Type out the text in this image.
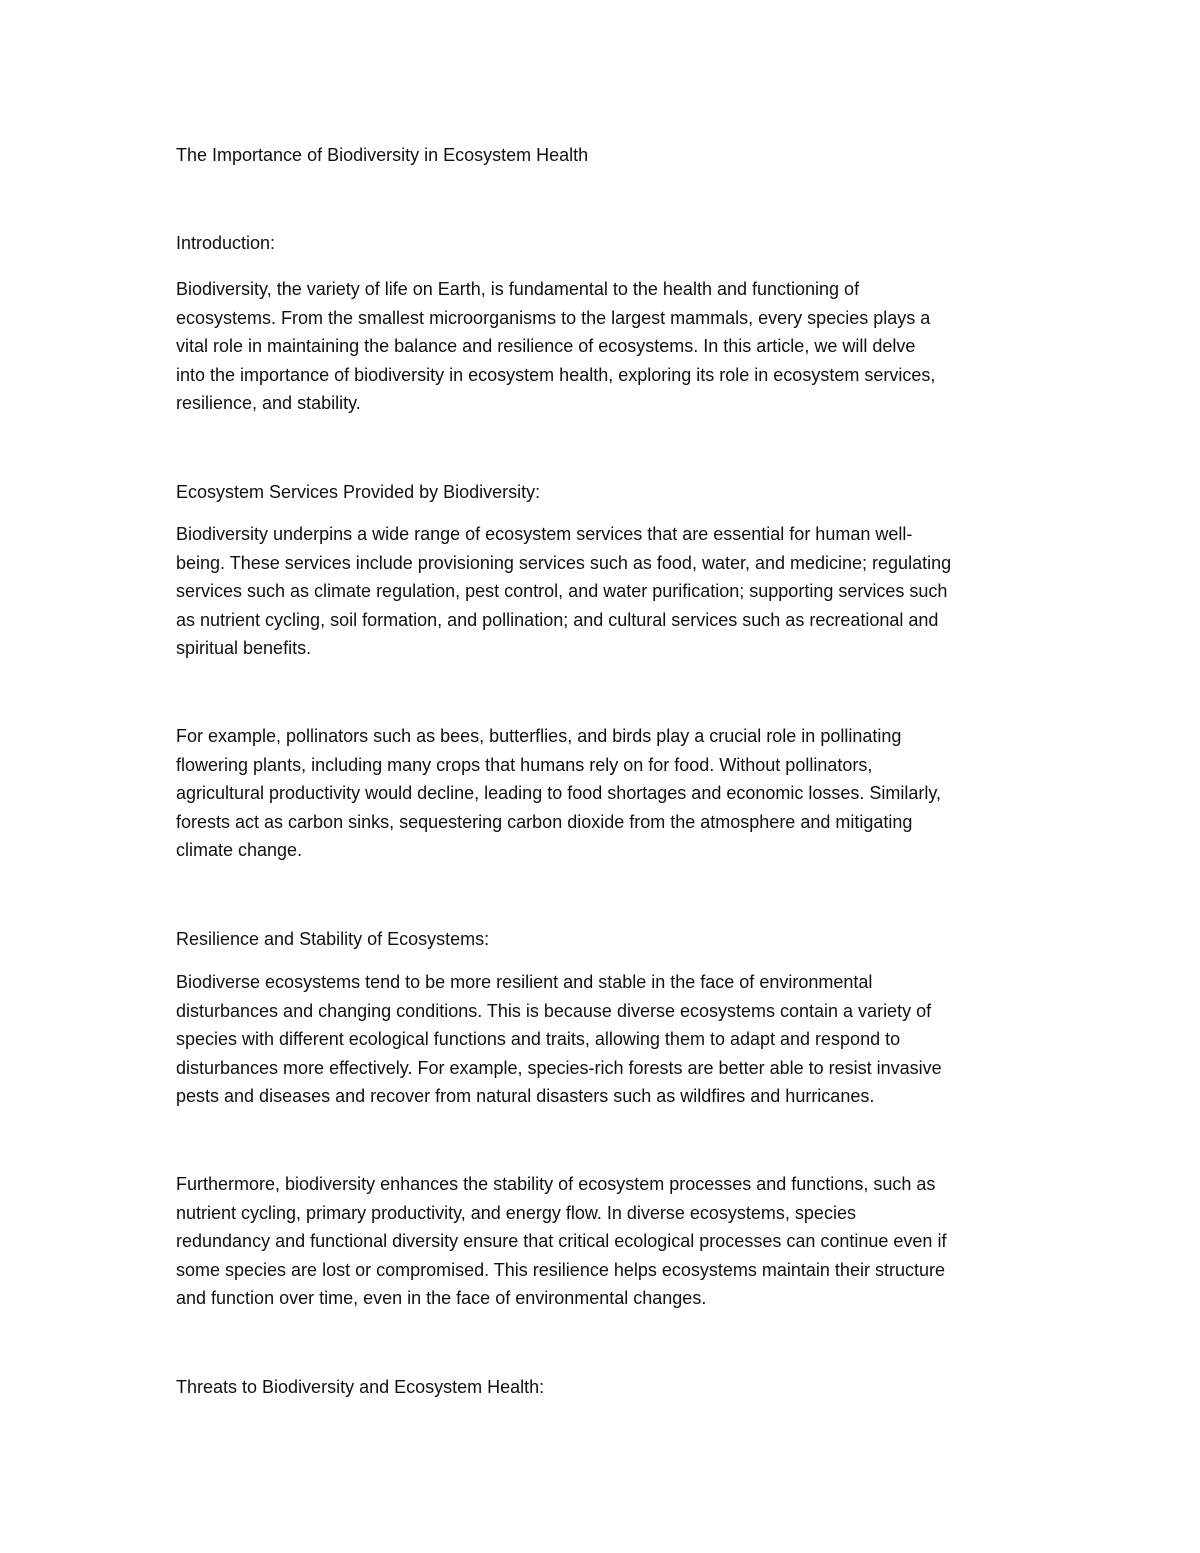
The Importance of Biodiversity in Ecosystem Health

Introduction:

Biodiversity, the variety of life on Earth, is fundamental to the health and functioning of

ecosystems. From the smallest microorganisms to the largest mammals, every species plays a

vital role in maintaining the balance and resilience of ecosystems. In this article, we will delve

into the importance of biodiversity in ecosystem health, exploring its role in ecosystem services,

resilience, and stability.

Ecosystem Services Provided by Biodiversity:

Biodiversity underpins a wide range of ecosystem services that are essential for human well-

being. These services include provisioning services such as food, water, and medicine; regulating

services such as climate regulation, pest control, and water purification; supporting services such

as nutrient cycling, soil formation, and pollination; and cultural services such as recreational and

spiritual benefits.

For example, pollinators such as bees, butterflies, and birds play a crucial role in pollinating

flowering plants, including many crops that humans rely on for food. Without pollinators,

agricultural productivity would decline, leading to food shortages and economic losses. Similarly,

forests act as carbon sinks, sequestering carbon dioxide from the atmosphere and mitigating

climate change.

Resilience and Stability of Ecosystems:

Biodiverse ecosystems tend to be more resilient and stable in the face of environmental

disturbances and changing conditions. This is because diverse ecosystems contain a variety of

species with different ecological functions and traits, allowing them to adapt and respond to

disturbances more effectively. For example, species-rich forests are better able to resist invasive

pests and diseases and recover from natural disasters such as wildfires and hurricanes.

Furthermore, biodiversity enhances the stability of ecosystem processes and functions, such as

nutrient cycling, primary productivity, and energy flow. In diverse ecosystems, species

redundancy and functional diversity ensure that critical ecological processes can continue even if

some species are lost or compromised. This resilience helps ecosystems maintain their structure

and function over time, even in the face of environmental changes.

Threats to Biodiversity and Ecosystem Health:
